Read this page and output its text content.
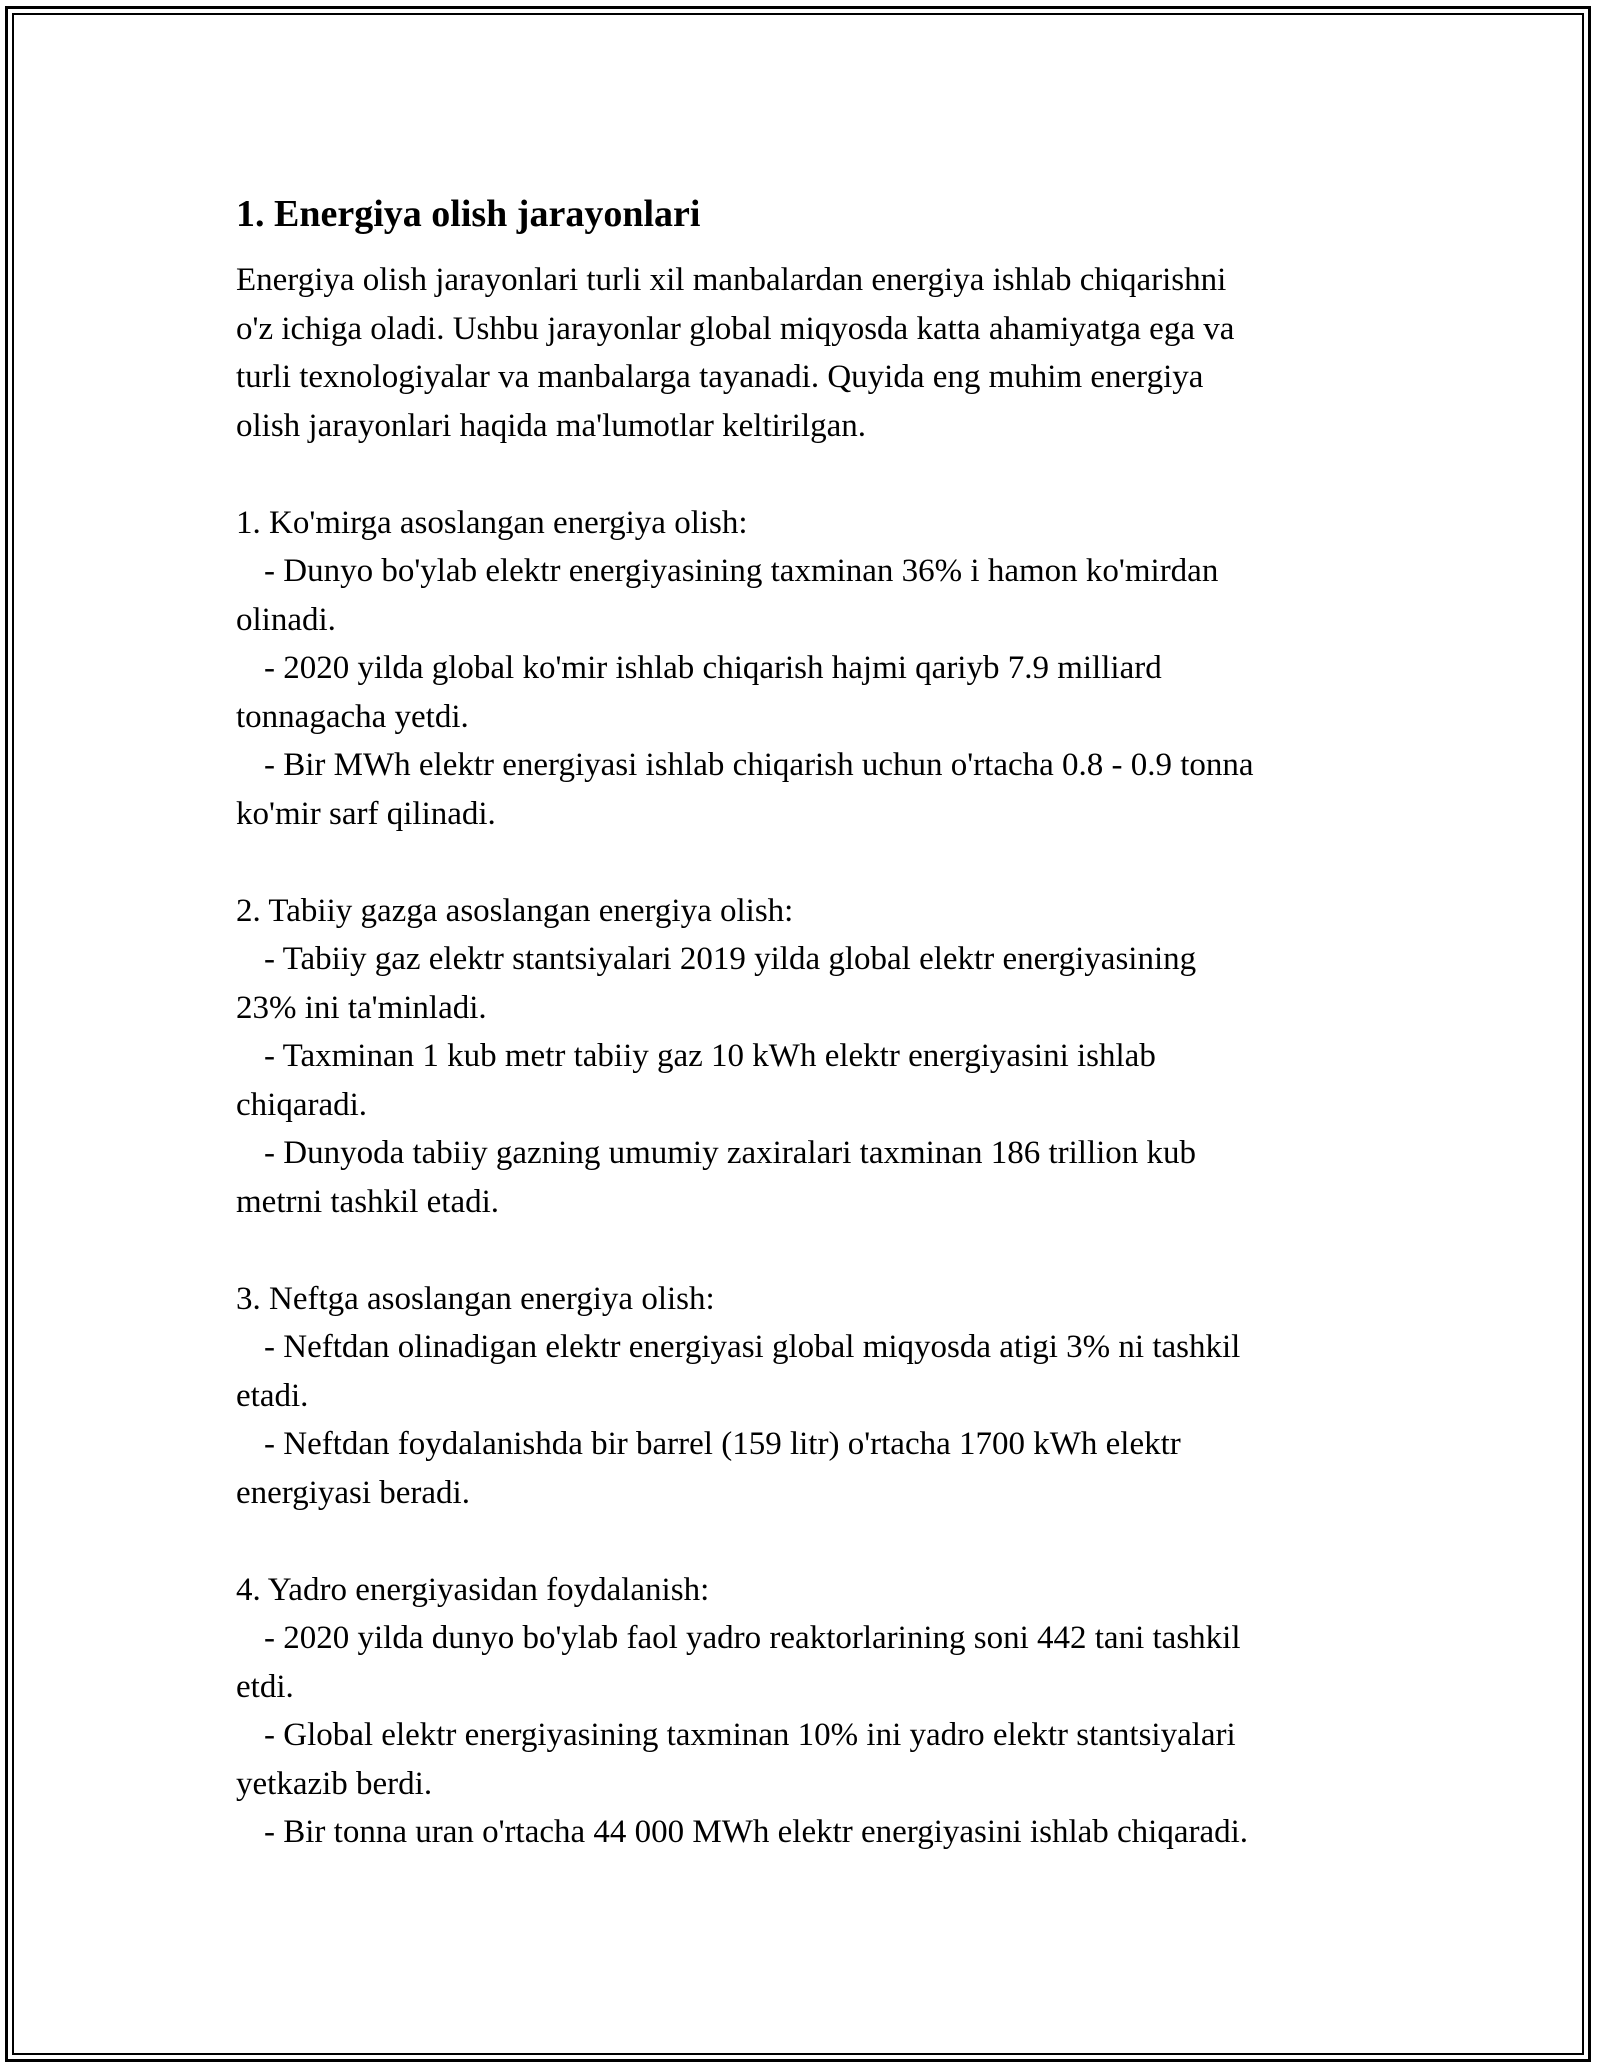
1. Energiya olish jarayonlari

Energiya olish jarayonlari turli xil manbalardan energiya ishlab chiqarishni
o'z ichiga oladi. Ushbu jarayonlar global miqyosda katta ahamiyatga ega va
turli texnologiyalar va manbalarga tayanadi. Quyida eng muhim energiya
olish jarayonlari haqida ma'lumotlar keltirilgan.

1. Ko'mirga asoslangan energiya olish:

- Dunyo bo'ylab elektr energiyasining taxminan 36% i hamon ko'mirdan
olinadi.

- 2020 yilda global ko'mir ishlab chiqarish hajmi qariyb 7.9 milliard
tonnagacha yetdi.

- Bir MWh elektr energiyasi ishlab chiqarish uchun o'rtacha 0.8 - 0.9 tonna
ko'mir sarf qilinadi.

2. Tabiiy gazga asoslangan energiya olish:

- Tabiiy gaz elektr stantsiyalari 2019 yilda global elektr energiyasining
23% ini ta'minladi.

- Taxminan 1 kub metr tabiiy gaz 10 kWh elektr energiyasini ishlab
chiqaradi.

- Dunyoda tabiiy gazning umumiy zaxiralari taxminan 186 trillion kub
metrni tashkil etadi.

3. Neftga asoslangan energiya olish:

- Neftdan olinadigan elektr energiyasi global miqyosda atigi 3% ni tashkil
etadi.

- Neftdan foydalanishda bir barrel (159 litr) o'rtacha 1700 kWh elektr
energiyasi beradi.

4. Yadro energiyasidan foydalanish:

- 2020 yilda dunyo bo'ylab faol yadro reaktorlarining soni 442 tani tashkil
etdi.

- Global elektr energiyasining taxminan 10% ini yadro elektr stantsiyalari
yetkazib berdi.

- Bir tonna uran o'rtacha 44 000 MWh elektr energiyasini ishlab chiqaradi.
